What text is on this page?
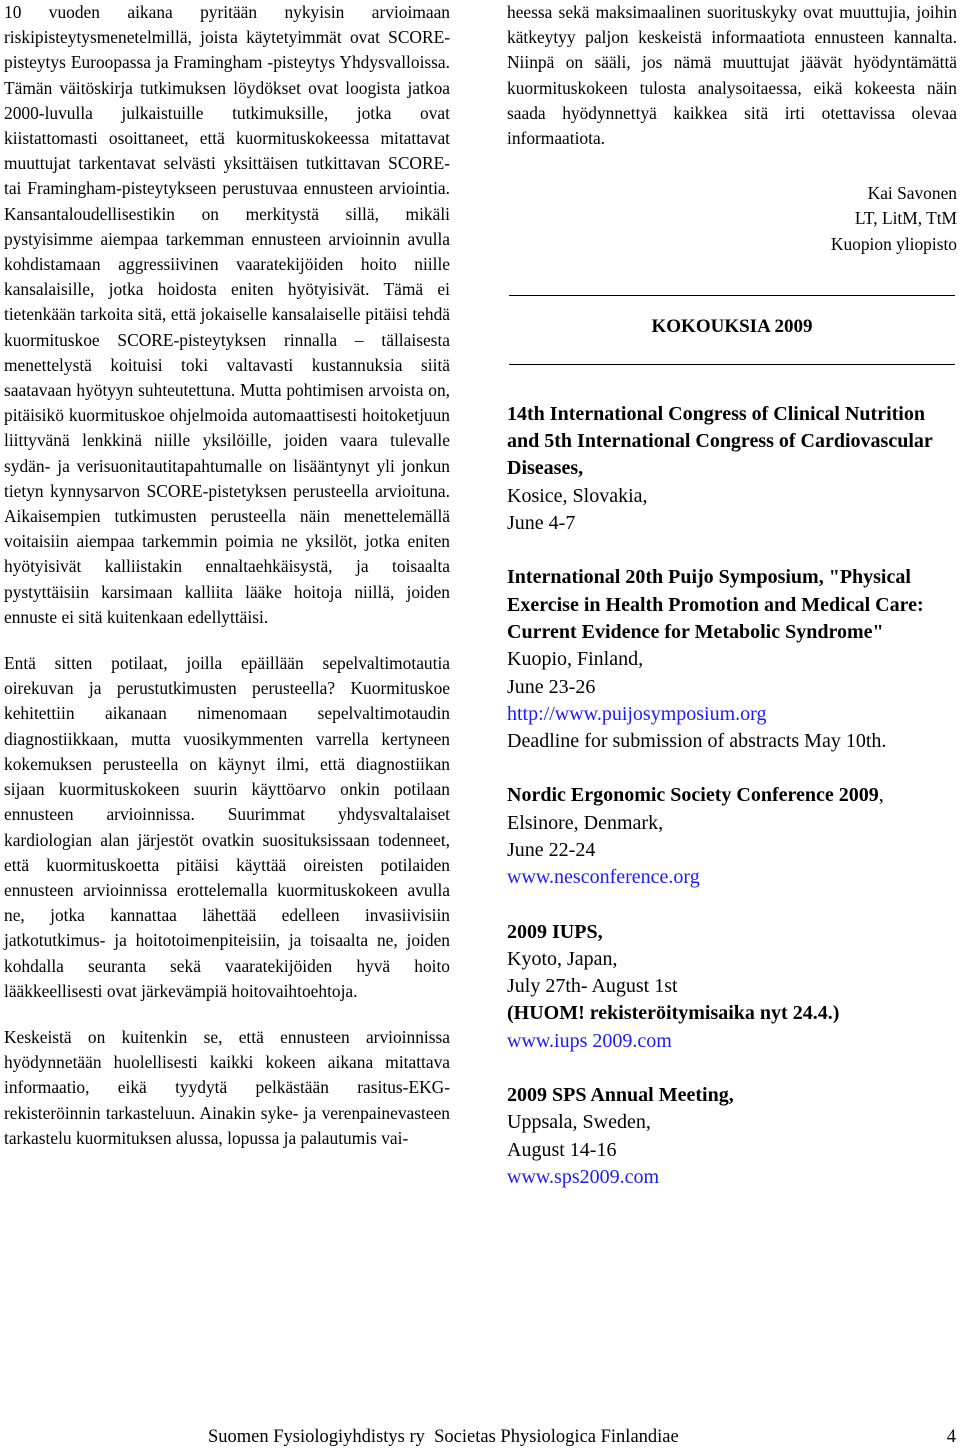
10 vuoden aikana pyritään nykyisin arvioimaan riskipisteytysmenetelmillä, joista käytetyimmät ovat SCORE-pisteytys Euroopassa ja Framingham -pisteytys Yhdysvalloissa. Tämän väitöskirja tutkimuksen löydökset ovat loogista jatkoa 2000-luvulla julkaistuille tutkimuksille, jotka ovat kiistattomasti osoittaneet, että kuormituskokeessa mitattavat muuttujat tarkentavat selvästi yksittäisen tutkittavan SCORE- tai Framingham-pisteytykseen perustuvaa ennusteen arviointia. Kansantaloudellisestikin on merkitystä sillä, mikäli pystyisimme aiempaa tarkemman ennusteen arvioinnin avulla kohdistamaan aggressiivinen vaaratekijöiden hoito niille kansalaisille, jotka hoidosta eniten hyötyisivät. Tämä ei tietenkään tarkoita sitä, että jokaiselle kansalaiselle pitäisi tehdä kuormituskoe SCORE-pisteytyksen rinnalla – tällaisesta menettelystä koituisi toki valtavasti kustannuksia siitä saatavaan hyötyyn suhteutettuna. Mutta pohtimisen arvoista on, pitäisikö kuormituskoe ohjelmoida automaattisesti hoitoketjuun liittyvänä lenkkinä niille yksilöille, joiden vaara tulevalle sydän- ja verisuonitautitapahtumalle on lisääntynyt yli jonkun tietyn kynnysarvon SCORE-pistetyksen perusteella arvioituna. Aikaisempien tutkimusten perusteella näin menettelemällä voitaisiin aiempaa tarkemmin poimia ne yksilöt, jotka eniten hyötyisivät kalliistakin ennaltaehkäisystä, ja toisaalta pystyttäisiin karsimaan kalliita lääke hoitoja niillä, joiden ennuste ei sitä kuitenkaan edellyttäisi.

Entä sitten potilaat, joilla epäillään sepelvaltimotautia oirekuvan ja perustutkimusten perusteella? Kuormituskoe kehitettiin aikanaan nimenomaan sepelvaltimotaudin diagnostiikkaan, mutta vuosikymmenten varrella kertyneen kokemuksen perusteella on käynyt ilmi, että diagnostiikan sijaan kuormituskokeen suurin käyttöarvo onkin potilaan ennusteen arvioinnissa. Suurimmat yhdysvaltalaiset kardiologian alan järjestöt ovatkin suosituksissaan todenneet, että kuormituskoetta pitäisi käyttää oireisten potilaiden ennusteen arvioinnissa erottelemalla kuormituskokeen avulla ne, jotka kannattaa lähettää edelleen invasiivisiin jatkotutkimus- ja hoitotoimenpiteisiin, ja toisaalta ne, joiden kohdalla seuranta sekä vaaratekijöiden hyvä hoito lääkkeellisesti ovat järkevämpiä hoitovaihtoehtoja.

Keskeistä on kuitenkin se, että ennusteen arvioinnissa hyödynnetään huolellisesti kaikki kokeen aikana mitattava informaatio, eikä tyydytä pelkästään rasitus-EKG-rekisteröinnin tarkasteluun. Ainakin syke- ja verenpainevasteen tarkastelu kuormituksen alussa, lopussa ja palautumis vai-

heessa sekä maksimaalinen suorituskyky ovat muuttujia, joihin kätkeytyy paljon keskeistä informaatiota ennusteen kannalta. Niinpä on sääli, jos nämä muuttujat jäävät hyödyntämättä kuormituskokeen tulosta analysoitaessa, eikä kokeesta näin saada hyödynnettyä kaikkea sitä irti otettavissa olevaa informaatiota.

Kai Savonen
LT, LitM, TtM
Kuopion yliopisto
KOKOUKSIA 2009
14th International Congress of Clinical Nutrition and 5th International Congress of Cardiovascular Diseases,
Kosice, Slovakia,
June 4-7
International 20th Puijo Symposium, "Physical Exercise in Health Promotion and Medical Care: Current Evidence for Metabolic Syndrome"
Kuopio, Finland,
June 23-26
http://www.puijosymposium.org
Deadline for submission of abstracts May 10th.
Nordic Ergonomic Society Conference 2009,
Elsinore, Denmark,
June 22-24
www.nesconference.org
2009 IUPS,
Kyoto, Japan,
July 27th- August 1st
(HUOM! rekisteröitymisaika nyt 24.4.)
www.iups 2009.com
2009 SPS Annual Meeting,
Uppsala, Sweden,
August 14-16
www.sps2009.com
Suomen Fysiologiyhdistys ry  Societas Physiologica Finlandiae	4
